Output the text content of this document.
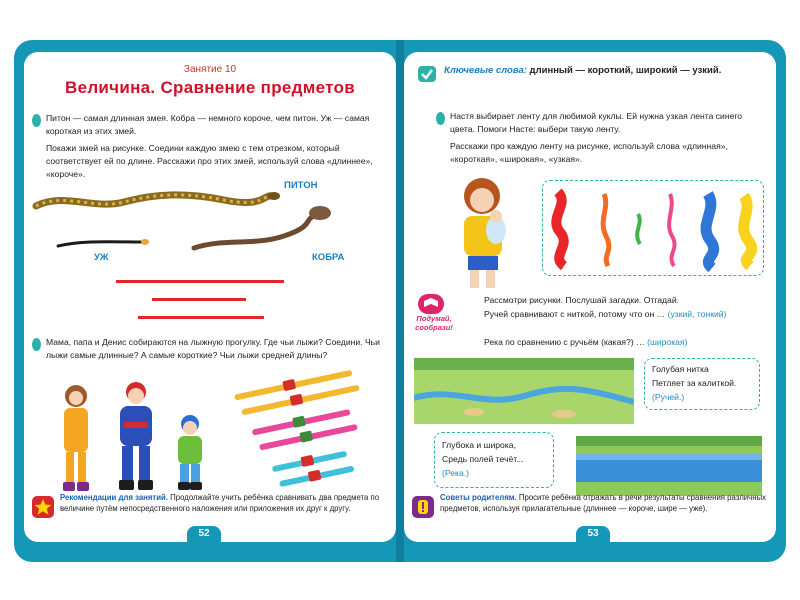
Занятие 10
Величина. Сравнение предметов
Питон — самая длинная змея. Кобра — немного короче, чем питон. Уж — самая короткая из этих змей.
Покажи змей на рисунке. Соедини каждую змею с тем отрезком, который соответствует ей по длине. Расскажи про этих змей, используй слова «длиннее», «короче».
ПИТОН
УЖ	КОБРА
Мама, папа и Денис собираются на лыжную прогулку. Где чьи лыжи? Соедини. Чьи лыжи самые длинные? А самые короткие? Чьи лыжи средней длины?
Рекомендации для занятий. Продолжайте учить ребёнка сравнивать два предмета по величине путём непосредственного наложения или приложения их друг к другу.
52
Ключевые слова: длинный — короткий, широкий — узкий.
Настя выбирает ленту для любимой куклы. Ей нужна узкая лента синего цвета. Помоги Насте: выбери такую ленту.
Расскажи про каждую ленту на рисунке, используй слова «длинная», «короткая», «широкая», «узкая».
Подумай, сообрази!
Рассмотри рисунки. Послушай загадки. Отгадай.
Ручей сравнивают с ниткой, потому что он … (узкий, тонкий)
Река по сравнению с ручьём (какая?) … (широкая)
Голубая нитка
Петляет за калиткой.
(Ручей.)
Глубока и широка,
Средь полей течёт...
(Река.)
Советы родителям. Просите ребёнка отражать в речи результаты сравнения различных предметов, используя прилагательные (длиннее — короче, шире — уже).
53
